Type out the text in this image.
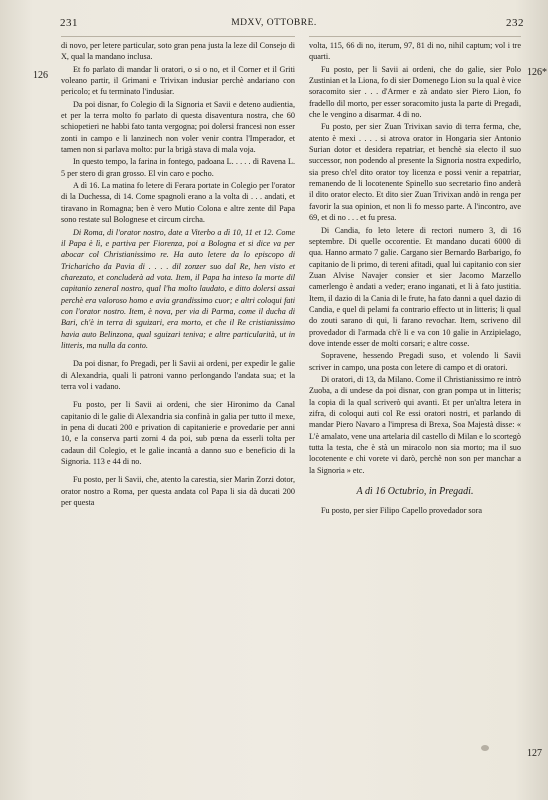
231	MDXV, OTTOBRE.	232
126	126*
127

di novo, per letere particular, soto gran pena justa la leze dil Consejo di X, qual la mandano inclusa.

Et fo parlato di mandar li oratori, o si o no, et il Corner et il Griti voleano partir, il Grimani e Trivixan indusiar perchè andariano con pericolo; et fu terminato l'indusiar.

Da poi disnar, fo Colegio di la Signoria et Savii e deteno audientia, et per la terra molto fo parlato di questa disaventura nostra, che 60 schiopetieri ne habbi fato tanta vergogna; poi dolersi francesi non esser zonti in campo e li lanzinech non voler venir contra l'Imperador, et tamen non si parlava molto: pur la brigà stava di mala voja.

In questo tempo, la farina in fontego, padoana L. . . . . di Ravena L. 5 per stero di gran grosso. El vin caro e pocho.

A dì 16. La matina fo letere di Ferara portate in Colegio per l'orator di la Duchessa, di 14. Come spagnoli erano a la volta di . . . andati, et tiravano in Romagna; ben è vero Mutio Colona e altre zente dil Papa sono restate sul Bolognese et circum circha.

Di Roma, di l'orator nostro, date a Viterbo a dì 10, 11 et 12. Come il Papa è lì, e partiva per Fiorenza, poi a Bologna et si dice va per abocar col Christianissimo re. Ha auto letere da lo episcopo di Tricharicho da Pavia di . . . . dil zonzer suo dal Re, hen visto et charezato, et concluderà ad vota. Item, il Papa ha inteso la morte dil capitanio zeneral nostro, qual l'ha molto laudato, e ditto dolersi assai perchè era valoroso homo e avia grandissimo cuor; e altri coloqui fati con l'orator nostro. Item, è nova, per via di Parma, come il ducha di Bari, ch'è in terra di sguizari, era morto, et che il Re cristianissimo havia auto Belinzona, qual sguizari teniva; e altre particularità, ut in litteris, ma nulla da conto.

Da poi disnar, fo Pregadi, per li Savii ai ordeni, per expedir le galie di Alexandria, quali li patroni vanno perlongando l'andata sua; et la terra vol i vadano.

Fu posto, per li Savii ai ordeni, che sier Hironimo da Canal capitanio di le galie di Alexandria sia confinà in galia per tutto il mexe, in pena di ducati 200 e privation di capitanierie e provedarie per anni 10, e la conserva parti zorni 4 da poi, sub pœna da esserli tolta per cadaun dil Colegio, et le galie incantà a danno suo e beneficio di la Signoria. 113 e 44 di no.

Fu posto, per li Savii, che, atento la carestia, sier Marin Zorzi dotor, orator nostro a Roma, per questa andata col Papa li sia dà ducati 200 per questa

volta, 115, 66 di no, iterum, 97, 81 di no, nihil captum; vol i tre quarti.

Fu posto, per li Savii ai ordeni, che do galie, sier Polo Zustinian et la Liona, fo di sier Domenego Lion su la qual è vice soracomito sier . . . d'Armer e zà andato sier Piero Lion, fo fradello dil morto, per esser soracomito justa la parte di Pregadi, che le vengino a disarmar. 4 di no.

Fu posto, per sier Zuan Trivixan savio di terra ferma, che, atento è mexi . . . . si atrova orator in Hongaria sier Antonio Surian dotor et desidera repatriar, et benchè sia electo il suo successor, non podendo al presente la Signoria nostra expedirlo, sia preso ch'el dito orator toy licenza e possi venir a repatriar, remanendo de li locotenente Spinello suo secretario fino anderà il dito orator electo. Et dito sier Zuan Trivixan andò in renga per favorir la sua opinion, et non li fo messo parte. A l'incontro, ave 69, et di no . . . et fu presa.

Di Candia, fo leto letere di rectori numero 3, di 16 septembre. Di quelle occorentie. Et mandano ducati 6000 di qua. Hanno armato 7 galie. Cargano sier Bernardo Barbarigo, fo capitanio de li primo, di tereni afitadi, qual lui capitanio con sier Zuan Alvise Navajer consier et sier Jacomo Marzello camerlengo è andati a veder; erano inganati, et li à fato justitia. Item, il dazio di la Cania di le frute, ha fato danni a quel dazio di Candia, e quel di pelami fa contrario effecto ut in litteris; li qual do zouti sarano di qui, li farano revochar. Item, scriveno dil provedador di l'armada ch'è li e va con 10 galie in Arzipielago, dove intende esser de molti corsari; e altre cosse.

Sopravene, hessendo Pregadi suso, et volendo li Savii scriver in campo, una posta con letere di campo et di oratori.

Di oratori, di 13, da Milano. Come il Christianissimo re intrò Zuoba, a di undese da poi disnar, con gran pompa ut in litteris; la copia di la qual scriverò qui avanti. Et per un'altra letera in zifra, di coloqui auti col Re essi oratori nostri, et parlando di mandar Piero Navaro a l'impresa di Brexa, Soa Majestà disse: « L'è amalato, vene una artelaria dil castello di Milan e lo scortegò tutta la testa, che è stà un miracolo non sia morto; ma il suo locotenente e chi vorete vi darò, perchè non son per manchar a la Signoria » etc.

A dì 16 Octubrio, in Pregadi.

Fu posto, per sier Filipo Capello provedador sora
